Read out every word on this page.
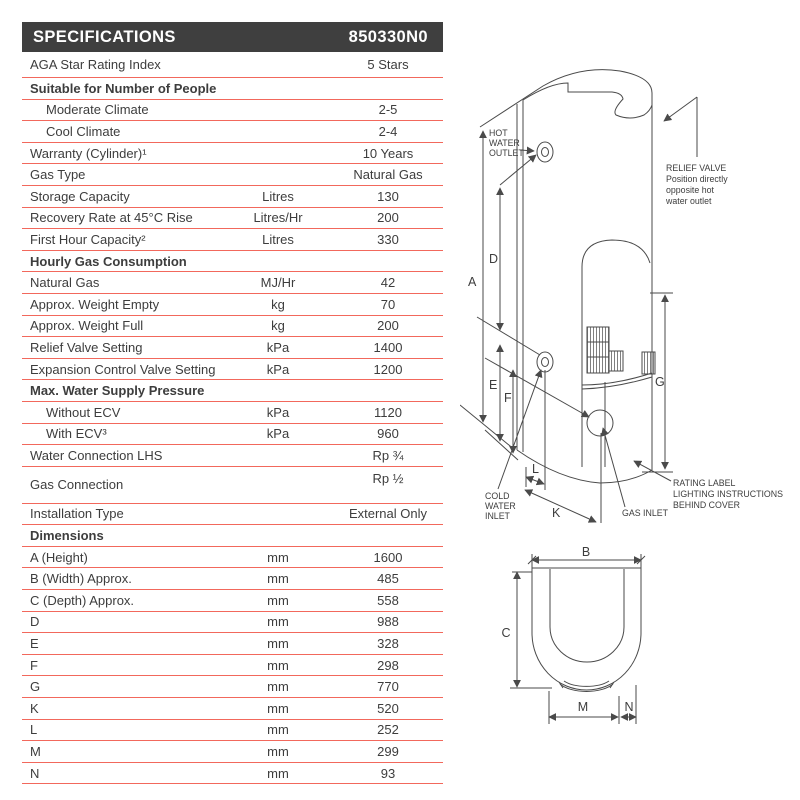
SPECIFICATIONS	850330N0
AGA Star Rating Index	5 Stars
Suitable for Number of People
Moderate Climate	2-5
Cool Climate	2-4
Warranty (Cylinder)¹	10 Years
Gas Type	Natural Gas
Storage Capacity	Litres	130
Recovery Rate at 45°C Rise	Litres/Hr	200
First Hour Capacity²	Litres	330
Hourly Gas Consumption
Natural Gas	MJ/Hr	42
Approx. Weight Empty	kg	70
Approx. Weight Full	kg	200
Relief Valve Setting	kPa	1400
Expansion Control Valve Setting	kPa	1200
Max. Water Supply Pressure
Without ECV	kPa	1120
With ECV³	kPa	960
Water Connection LHS	Rp ¾
Gas Connection	Rp ½
Installation Type	External Only
Dimensions
A (Height)	mm	1600
B (Width) Approx.	mm	485
C (Depth) Approx.	mm	558
D	mm	988
E	mm	328
F	mm	298
G	mm	770
K	mm	520
L	mm	252
M	mm	299
N	mm	93
HOT
WATER
OUTLET
RELIEF VALVE
Position directly
opposite hot
water outlet
COLD
WATER
INLET	GAS INLET
RATING LABEL
LIGHTING INSTRUCTIONS
BEHIND COVER
A
D
E
F
G
L
K
B
C
M	N
